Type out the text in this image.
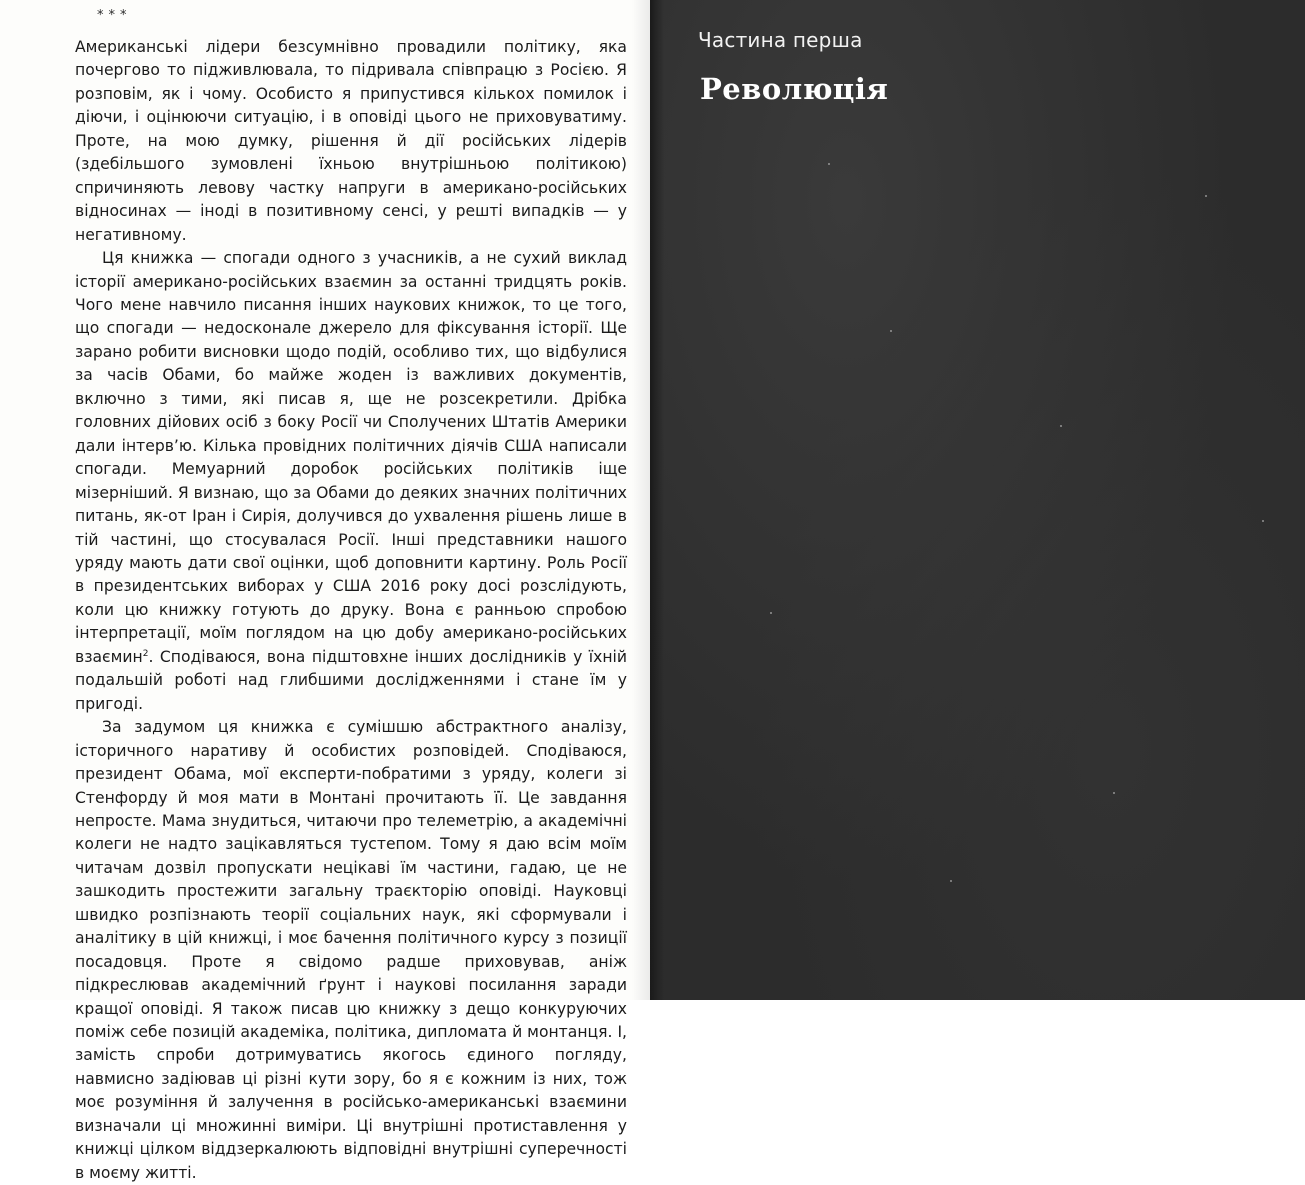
***

Американські лідери безсумнівно провадили політику, яка почергово то підживлювала, то підривала співпрацю з Росією. Я розповім, як і чому. Особисто я припустився кількох помилок і діючи, і оцінюючи ситуацію, і в оповіді цього не приховуватиму. Проте, на мою думку, рішення й дії російських лідерів (здебільшого зумовлені їхньою внутрішньою політикою) спричиняють левову частку напруги в американо-російських відносинах — іноді в позитивному сенсі, у решті випадків — у негативному.

Ця книжка — спогади одного з учасників, а не сухий виклад історії американо-російських взаємин за останні тридцять років. Чого мене навчило писання інших наукових книжок, то це того, що спогади — недосконале джерело для фіксування історії. Ще зарано робити висновки щодо подій, особливо тих, що відбулися за часів Обами, бо майже жоден із важливих документів, включно з тими, які писав я, ще не розсекретили. Дрібка головних дійових осіб з боку Росії чи Сполучених Штатів Америки дали інтерв’ю. Кілька провідних політичних діячів США написали спогади. Мемуарний доробок російських політиків іще мізерніший. Я визнаю, що за Обами до деяких значних політичних питань, як-от Іран і Сирія, долучився до ухвалення рішень лише в тій частині, що стосувалася Росії. Інші представники нашого уряду мають дати свої оцінки, щоб доповнити картину. Роль Росії в президентських виборах у США 2016 року досі розслідують, коли цю книжку готують до друку. Вона є ранньою спробою інтерпретації, моїм поглядом на цю добу американо-російських взаємин$^2$. Сподіваюся, вона підштовхне інших дослідників у їхній подальшій роботі над глибшими дослідженнями і стане їм у пригоді.

За задумом ця книжка є сумішшю абстрактного аналізу, історичного наративу й особистих розповідей. Сподіваюся, президент Обама, мої експерти-побратими з уряду, колеги зі Стенфорду й моя мати в Монтані прочитають її. Це завдання непросте. Мама знудиться, читаючи про телеметрію, а академічні колеги не надто зацікавляться тустепом. Тому я даю всім моїм читачам дозвіл пропускати нецікаві їм частини, гадаю, це не зашкодить простежити загальну траєкторію оповіді. Науковці швидко розпізнають теорії соціальних наук, які сформували і аналітику в цій книжці, і моє бачення політичного курсу з позиції посадовця. Проте я свідомо радше приховував, аніж підкреслював академічний ґрунт і наукові посилання заради кращої оповіді. Я також писав цю книжку з дещо конкуруючих поміж себе позицій академіка, політика, дипломата й монтанця. І, замість спроби дотримуватись якогось єдиного погляду, навмисно задіював ці різні кути зору, бо я є кожним із них, тож моє розуміння й залучення в російсько-американські взаємини визначали ці множинні виміри. Ці внутрішні протиставлення у книжці цілком віддзеркалюють відповідні внутрішні суперечності в моєму житті.

Частина перша
Революція
